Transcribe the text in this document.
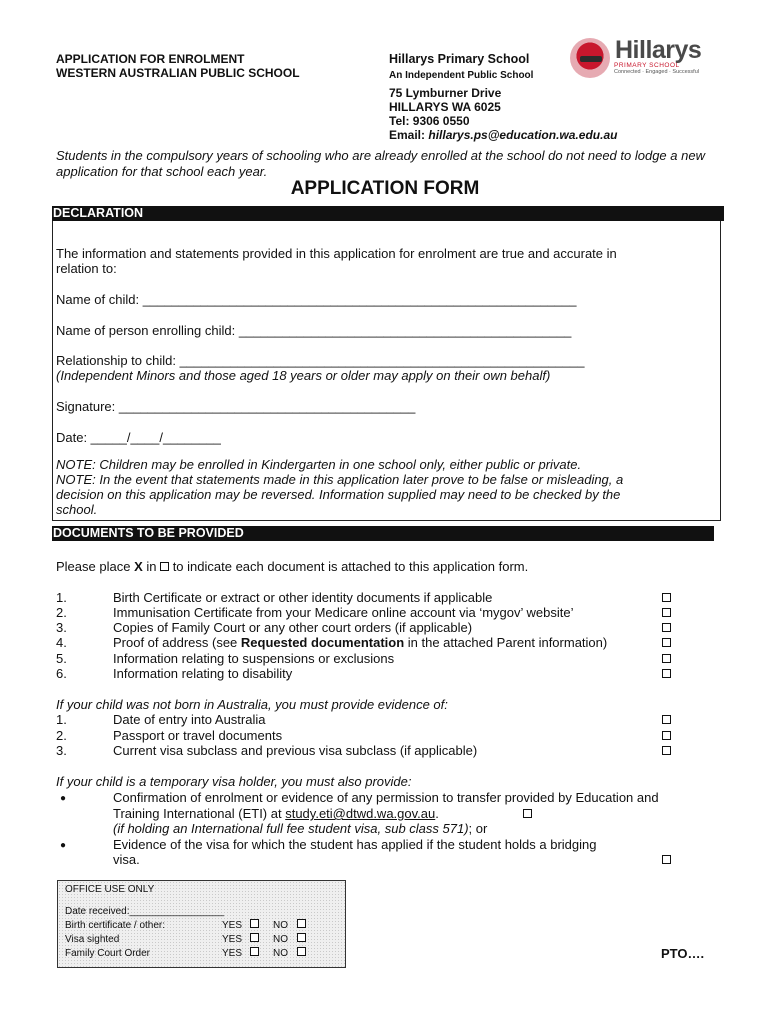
APPLICATION FOR ENROLMENT
WESTERN AUSTRALIAN PUBLIC SCHOOL
Hillarys Primary School
An Independent Public School
75 Lymburner Drive
HILLARYS WA 6025
Tel: 9306 0550
Email: hillarys.ps@education.wa.edu.au
Hillarys
PRIMARY SCHOOL
Connected · Engaged · Successful
Students in the compulsory years of schooling who are already enrolled at the school do not need to lodge a new application for that school each year.
APPLICATION FORM
DECLARATION
The information and statements provided in this application for enrolment are true and accurate in
relation to:
Name of child: ____________________________________________________________
Name of person enrolling child: ______________________________________________
Relationship to child: ________________________________________________________
(Independent Minors and those aged 18 years or older may apply on their own behalf)
Signature: _________________________________________
Date: _____/____/________
NOTE: Children may be enrolled in Kindergarten in one school only, either public or private.
NOTE: In the event that statements made in this application later prove to be false or misleading, a
decision on this application may be reversed. Information supplied may need to be checked by the
school.
DOCUMENTS TO BE PROVIDED
Please place X in  to indicate each document is attached to this application form.
1.	Birth Certificate or extract or other identity documents if applicable
2.	Immunisation Certificate from your Medicare online account via ‘mygov’ website’
3.	Copies of Family Court or any other court orders (if applicable)
4.	Proof of address (see Requested documentation in the attached Parent information)
5.	Information relating to suspensions or exclusions
6.	Information relating to disability
If your child was not born in Australia, you must provide evidence of:
1.	Date of entry into Australia
2.	Passport or travel documents
3.	Current visa subclass and previous visa subclass (if applicable)
If your child is a temporary visa holder, you must also provide:
●	Confirmation of enrolment or evidence of any permission to transfer provided by Education and
Training International (ETI) at study.eti@dtwd.wa.gov.au.
(if holding an International full fee student visa, sub class 571); or
●	Evidence of the visa for which the student has applied if the student holds a bridging
visa.
OFFICE USE ONLY
Date received:_________________
Birth certificate / other:	YES	NO
Visa sighted	YES	NO
Family Court Order	YES	NO	PTO….
